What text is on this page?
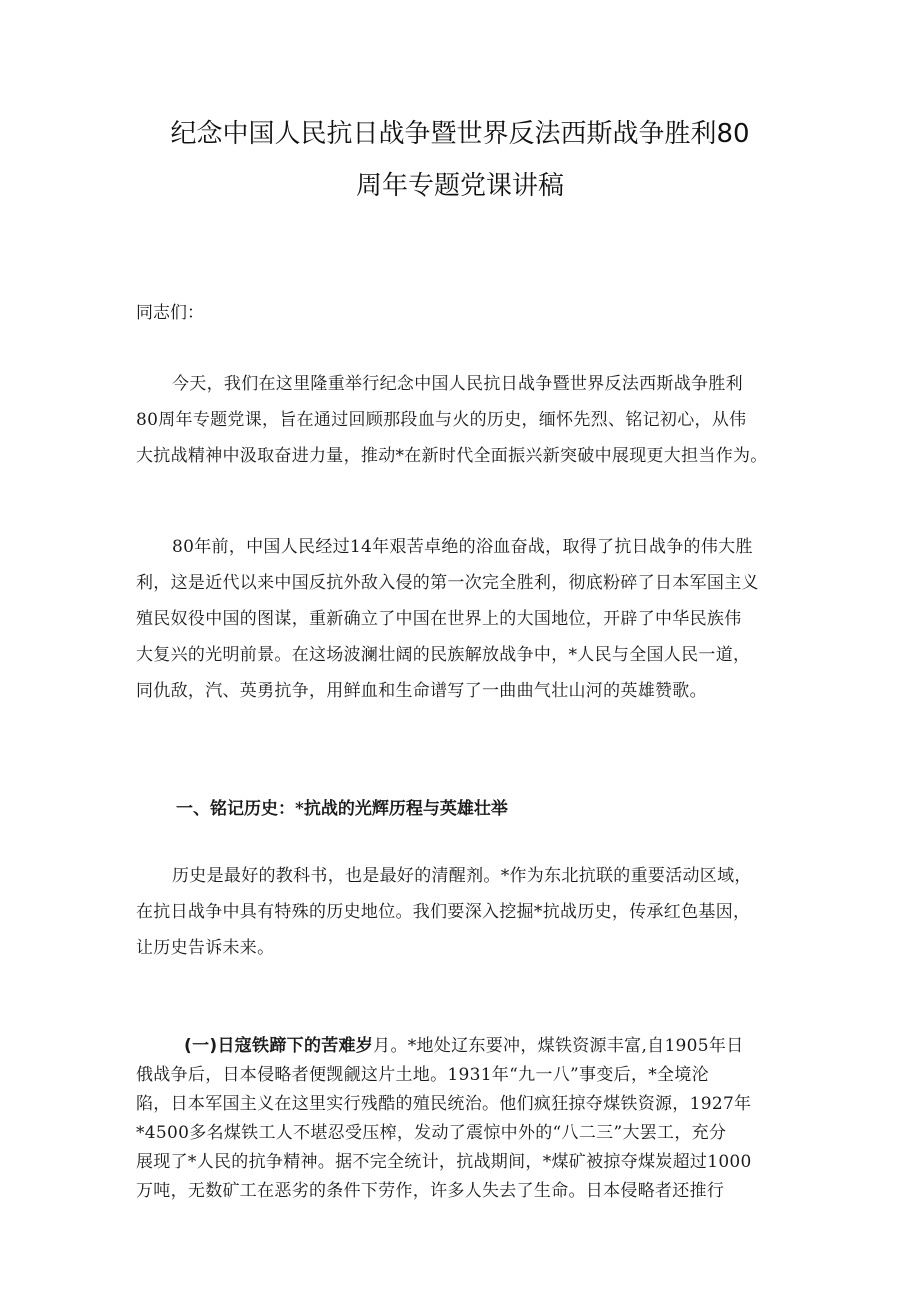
纪念中国人民抗日战争暨世界反法西斯战争胜利80
周年专题党课讲稿
同志们：
今天，我们在这里隆重举行纪念中国人民抗日战争暨世界反法西斯战争胜利
80周年专题党课，旨在通过回顾那段血与火的历史，缅怀先烈、铭记初心，从伟
大抗战精神中汲取奋进力量，推动*在新时代全面振兴新突破中展现更大担当作为。
80年前，中国人民经过14年艰苦卓绝的浴血奋战，取得了抗日战争的伟大胜
利，这是近代以来中国反抗外敌入侵的第一次完全胜利，彻底粉碎了日本军国主义
殖民奴役中国的图谋，重新确立了中国在世界上的大国地位，开辟了中华民族伟
大复兴的光明前景。在这场波澜壮阔的民族解放战争中，*人民与全国人民一道，
同仇敌，汽、英勇抗争，用鲜血和生命谱写了一曲曲气壮山河的英雄赞歌。
一、铭记历史：*抗战的光辉历程与英雄壮举
历史是最好的教科书，也是最好的清醒剂。*作为东北抗联的重要活动区域，
在抗日战争中具有特殊的历史地位。我们要深入挖掘*抗战历史，传承红色基因，
让历史告诉未来。
(一)日寇铁蹄下的苦难岁月。*地处辽东要冲，煤铁资源丰富,自1905年日
俄战争后，日本侵略者便觊觎这片土地。1931年“九一八”事变后，*全境沦
陷，日本军国主义在这里实行残酷的殖民统治。他们疯狂掠夺煤铁资源，1927年
*4500多名煤铁工人不堪忍受压榨，发动了震惊中外的“八二三”大罢工，充分
展现了*人民的抗争精神。据不完全统计，抗战期间，*煤矿被掠夺煤炭超过1000
万吨，无数矿工在恶劣的条件下劳作，许多人失去了生命。日本侵略者还推行
